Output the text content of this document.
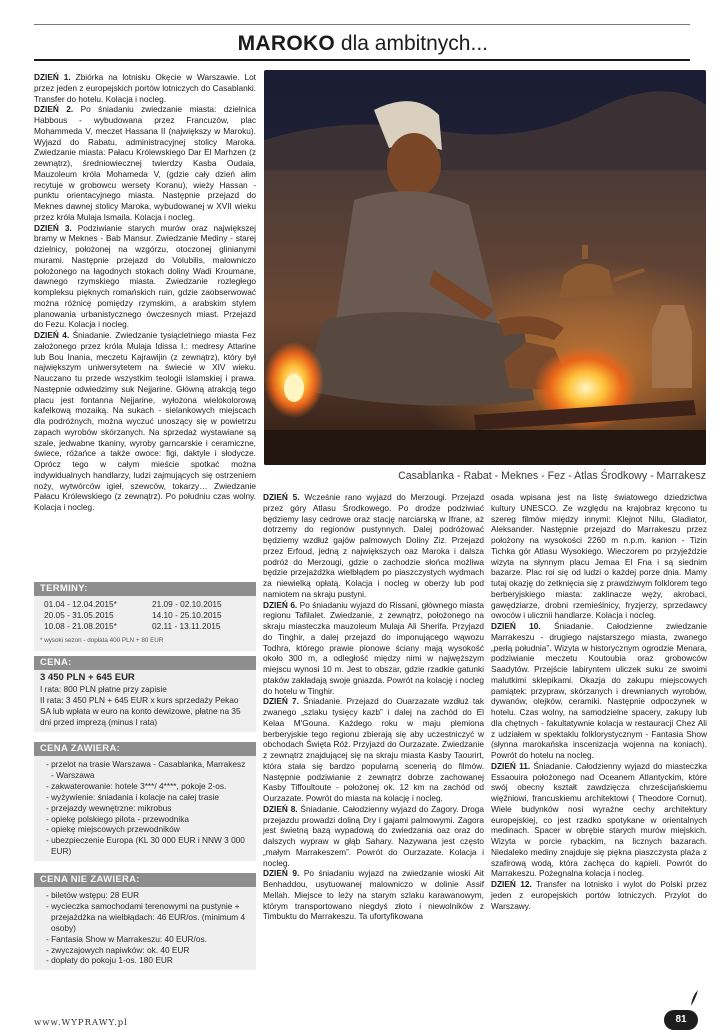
MAROKO dla ambitnych...

DZIEŃ 1. Zbiórka na lotnisku Okęcie w Warszawie. Lot przez jeden z europejskich portów lotniczych do Casablanki. Transfer do hotelu. Kolacja i nocleg.

DZIEŃ 2. Po śniadaniu zwiedzanie miasta: dzielnica Habbous - wybudowana przez Francuzów, plac Mohammeda V, meczet Hassana II (największy w Maroku). Wyjazd do Rabatu, administracyjnej stolicy Maroka. Zwiedzanie miasta: Pałacu Królewskiego Dar El Marhzen (z zewnątrz), średniowiecznej twierdzy Kasba Oudaia, Mauzoleum króla Mohameda V, (gdzie cały dzień ałim recytuje w grobowcu wersety Koranu), wieży Hassan - punktu orientacyjnego miasta. Następnie przejazd do Meknes dawnej stolicy Maroka, wybudowanej w XVII wieku przez króla Mulaja Ismaila. Kolacja i nocleg.

DZIEŃ 3. Podziwianie starych murów oraz największej bramy w Meknes - Bab Mansur. Zwiedzanie Mediny - starej dzielnicy, położonej na wzgórzu, otoczonej glinianymi murami. Następnie przejazd do Volubilis, malowniczo położonego na łagodnych stokach doliny Wadi Kroumane, dawnego rzymskiego miasta. Zwiedzanie rozległego kompleksu pięknych romańskich ruin, gdzie zaobserwować można różnicę pomiędzy rzymskim, a arabskim stylem planowania urbanistycznego ówczesnych miast. Przejazd do Fezu. Kolacja i nocleg.

DZIEŃ 4. Śniadanie. Zwiedzanie tysiącletniego miasta Fez założonego przez króla Mulaja Idissa I.: medresy Attarine lub Bou Inania, meczetu Kajrawijin (z zewnątrz), który był największym uniwersytetem na świecie w XIV wieku. Nauczano tu przede wszystkim teologii islamskiej i prawa. Następnie odwiedzimy suk Nejjarine. Główną atrakcją tego placu jest fontanna Nejjarine, wyłożona wielokolorową kafelkową mozaiką. Na sukach - sielankowych miejscach dla podróżnych, można wyczuć unoszący się w powietrzu zapach wyrobów skórzanych. Na sprzedaż wystawiane są szale, jedwabne tkaniny, wyroby garncarskie i ceramiczne, świece, różańce a także owoce: figi, daktyle i słodycze. Oprócz tego w całym mieście spotkać można indywidualnych handlarzy, ludzi zajmujących się ostrzeniem noży, wytwórców igieł, szewców, tokarzy… Zwiedzanie Pałacu Królewskiego (z zewnątrz). Po południu czas wolny. Kolacja i nocleg.

Casablanka - Rabat - Meknes - Fez - Atlas Środkowy - Marrakesz
TERMINY:
01.04 - 12.04.2015*	21.09 - 02.10.2015
20.05 - 31.05.2015	14.10 - 25.10.2015
10.08 - 21.08.2015*	02.11 - 13.11.2015
* wysoki sezon - dopłata 400 PLN + 80 EUR
CENA:
3 450 PLN + 645 EUR
I rata: 800 PLN płatne przy zapisie
II rata: 3 450 PLN + 645 EUR x kurs sprzedaży Pekao SA lub wpłata w euro na konto dewizowe, płatne na 35 dni przed imprezą (minus I rata)
CENA ZAWIERA:
- przelot na trasie Warszawa - Casablanka, Marrakesz - Warszawa
- zakwaterowanie: hotele 3***/ 4****, pokoje 2-os.
- wyżywienie: śniadania i kolacje na całej trasie
- przejazdy wewnętrzne: mikrobus
- opiekę polskiego pilota - przewodnika
- opiekę miejscowych przewodników
- ubezpieczenie Europa (KL 30 000 EUR i NNW 3 000 EUR)
CENA NIE ZAWIERA:
- biletów wstępu: 28 EUR
- wycieczka samochodami terenowymi na pustynie + przejażdżka na wielbłądach: 46 EUR/os. (minimum 4 osoby)
- Fantasia Show w Marrakeszu: 40 EUR/os.
- zwyczajowych napiwków: ok. 40 EUR
- dopłaty do pokoju 1-os. 180 EUR

DZIEŃ 5. Wcześnie rano wyjazd do Merzougi. Przejazd przez góry Atlasu Środkowego. Po drodze podziwiać będziemy lasy cedrowe oraz stację narciarską w Ifrane, aż dotrzemy do regionów pustynnych. Dalej podróżować będziemy wzdłuż gajów palmowych Doliny Ziz. Przejazd przez Erfoud, jedną z największych oaz Maroka i dalsza podróż do Merzougi, gdzie o zachodzie słońca możliwa będzie przejażdżka wielbłądem po piaszczystych wydmach za niewielką opłatą. Kolacja i nocleg w oberży lub pod namiotem na skraju pustyni.

DZIEŃ 6. Po śniadaniu wyjazd do Rissani, głównego miasta regionu Tafilalet. Zwiedzanie, z zewnątrz, położonego na skraju miasteczka mauzoleum Mulaja Ali Sherifa. Przyjazd do Tinghir, a dalej przejazd do imponującego wąwozu Todhra, którego prawie pionowe ściany mają wysokość około 300 m, a odległość między nimi w najwęższym miejscu wynosi 10 m. Jest to obszar, gdzie rzadkie gatunki ptaków zakładają swoje gniazda. Powrót na kolację i nocleg do hotelu w Tinghir.

DZIEŃ 7. Śniadanie. Przejazd do Ouarzazate wzdłuż tak zwanego „szlaku tysięcy kazb” i dalej na zachód do El Kelaa M'Gouna. Każdego roku w maju plemiona berberyjskie tego regionu zbierają się aby uczestniczyć w obchodach Święta Róż. Przyjazd do Ourzazate. Zwiedzanie z zewnątrz znajdującej się na skraju miasta Kasby Taourirt, która stała się bardzo popularną scenerią do filmów. Następnie podziwianie z zewnątrz dobrze zachowanej Kasby Tiffoultoute - położonej ok. 12 km na zachód od Ourzazate. Powrót do miasta na kolację i nocleg.

DZIEŃ 8. Śniadanie. Całodzienny wyjazd do Zagory. Droga przejazdu prowadzi doliną Dry i gajami palmowymi. Zagora jest świetną bazą wypadową do zwiedzania oaz oraz do dalszych wypraw w głąb Sahary. Nazywana jest często „małym Marrakeszem”. Powrót do Ourzazate. Kolacja i nocleg.

DZIEŃ 9. Po śniadaniu wyjazd na zwiedzanie wioski Ait Benhaddou, usytuowanej malowniczo w dolinie Assif Mellah. Miejsce to leży na starym szlaku karawanowym, którym transportowano niegdyś złoto i niewolników z Timbuktu do Marrakeszu. Ta ufortyfikowana

osada wpisana jest na listę światowego dziedzictwa kultury UNESCO. Ze względu na krajobraz kręcono tu szereg filmów między innymi: Klejnot Nilu, Gladiator, Aleksander. Następnie przejazd do Marrakeszu przez położony na wysokości 2260 m n.p.m. kanion - Tizin Tichka gór Atlasu Wysokiego. Wieczorem po przyjeździe wizyta na słynnym placu Jemaa El Fna i są siednim bazarze. Plac roi się od ludzi o każdej porze dnia. Mamy tutaj okazję do zetknięcia się z prawdziwym folklorem tego berberyjskiego miasta: zaklinacze węży, akrobaci, gawędziarze, drobni rzemieślnicy, fryzjerzy, sprzedawcy owoców i ulicznii handlarze. Kolacja i nocleg.

DZIEŃ 10. Śniadanie. Całodzienne zwiedzanie Marrakeszu - drugiego najstarszego miasta, zwanego „perłą południa”. Wizyta w historycznym ogrodzie Menara, podziwianie meczetu Koutoubia oraz grobowców Saadytów. Przejście labiryntem uliczek suku ze swoimi malutkimi sklepikami. Okazja do zakupu miejscowych pamiątek: przypraw, skórzanych i drewnianych wyrobów, dywanów, olejków, ceramiki. Następnie odpoczynek w hotelu. Czas wolny, na samodzielne spacery, zakupy lub dla chętnych - fakultatywnie kolacja w restauracji Chez Ali z udziałem w spektaklu folklorystycznym - Fantasia Show (słynna marokańska inscenizacja wojenna na koniach). Powrót do hotelu na nocleg.

DZIEŃ 11. Śniadanie. Całodzienny wyjazd do miasteczka Essaouira położonego nad Oceanem Atlantyckim, które swój obecny kształt zawdzięcza chrześcijańskiemu więźniowi, francuskiemu architektowi ( Theodore Cornut). Wiele budynków nosi wyraźne cechy architektury europejskiej, co jest rzadko spotykane w orientalnych medinach. Spacer w obrębie starych murów miejskich. Wizyta w porcie rybackim, na licznych bazarach. Niedaleko mediny znajduje się piękna piaszczysta plaża z szafirową wodą, która zachęca do kąpieli. Powrót do Marrakeszu. Pożegnalna kolacja i nocleg.

DZIEŃ 12. Transfer na lotnisko i wylot do Polski przez jeden z europejskich portów lotniczych. Przylot do Warszawy.

www.WYPRAWY.pl	81
